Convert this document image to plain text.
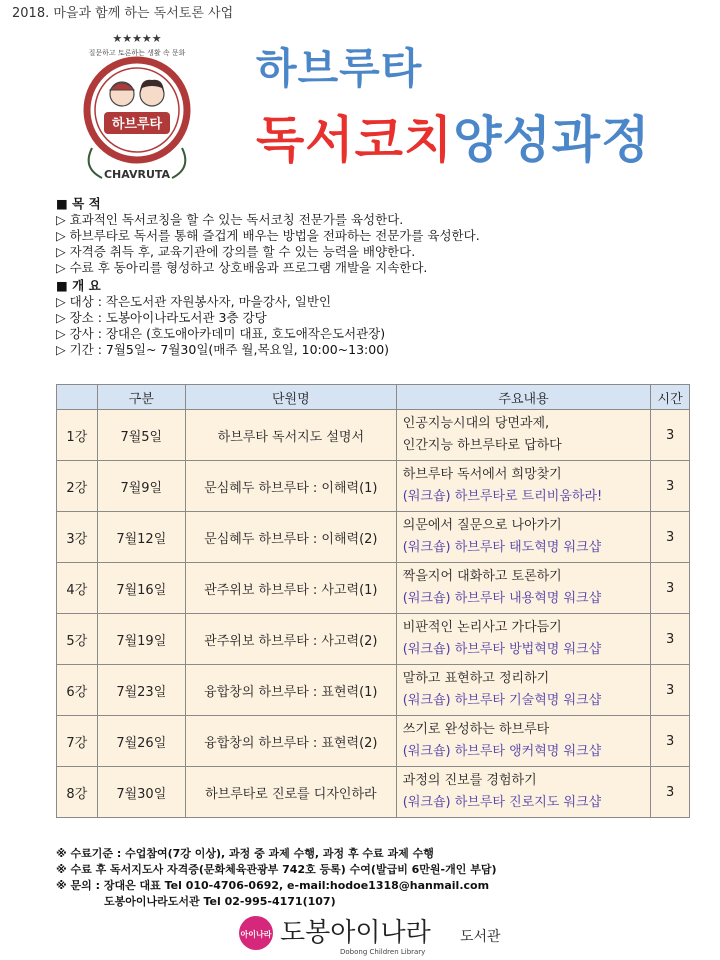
2018. 마을과 함께 하는 독서토론 사업
★★★★★
질문하고 토론하는 생활 속 문화
하브루타
CHAVRUTA
하브루타
독서코치양성과정
■ 목 적
▷ 효과적인 독서코칭을 할 수 있는 독서코칭 전문가를 육성한다.
▷ 하브루타로 독서를 통해 즐겁게 배우는 방법을 전파하는 전문가를 육성한다.
▷ 자격증 취득 후, 교육기관에 강의를 할 수 있는 능력을 배양한다.
▷ 수료 후 동아리를 형성하고 상호배움과 프로그램 개발을 지속한다.
■ 개 요
▷ 대상 : 작은도서관 자원봉사자, 마을강사, 일반인
▷ 장소 : 도봉아이나라도서관 3층 강당
▷ 강사 : 장대은 (호도애아카데미 대표, 호도애작은도서관장)
▷ 기간 : 7월5일~ 7월30일(매주 월,목요일, 10:00~13:00)
	구분	단원명	주요내용	시간
1강	7월5일	하브루타 독서지도 설명서	인공지능시대의 당면과제,
인간지능 하브루타로 답하다	3
2강	7월9일	문심혜두 하브루타 : 이해력(1)	하브루타 독서에서 희망찾기
(워크숍) 하브루타로 트리비움하라!	3
3강	7월12일	문심혜두 하브루타 : 이해력(2)	의문에서 질문으로 나아가기
(워크숍) 하브루타 태도혁명 워크샵	3
4강	7월16일	관주위보 하브루타 : 사고력(1)	짝을지어 대화하고 토론하기
(워크숍) 하브루타 내용혁명 워크샵	3
5강	7월19일	관주위보 하브루타 : 사고력(2)	비판적인 논리사고 가다듬기
(워크숍) 하브루타 방법혁명 워크샵	3
6강	7월23일	융합창의 하브루타 : 표현력(1)	말하고 표현하고 정리하기
(워크숍) 하브루타 기술혁명 워크샵	3
7강	7월26일	융합창의 하브루타 : 표현력(2)	쓰기로 완성하는 하브루타
(워크숍) 하브루타 앵커혁명 워크샵	3
8강	7월30일	하브루타로 진로를 디자인하라	과정의 진보를 경험하기
(워크숍) 하브루타 진로지도 워크샵	3
※ 수료기준 : 수업참여(7강 이상), 과정 중 과제 수행, 과정 후 수료 과제 수행
※ 수료 후 독서지도사 자격증(문화체육관광부 742호 등록) 수여(발급비 6만원-개인 부담)
※ 문의 : 장대은 대표 Tel 010-4706-0692, e-mail:hodoe1318@hanmail.com
도봉아이나라도서관 Tel 02-995-4171(107)
아이나라 도봉아이나라 도서관
Dobong Children Library
